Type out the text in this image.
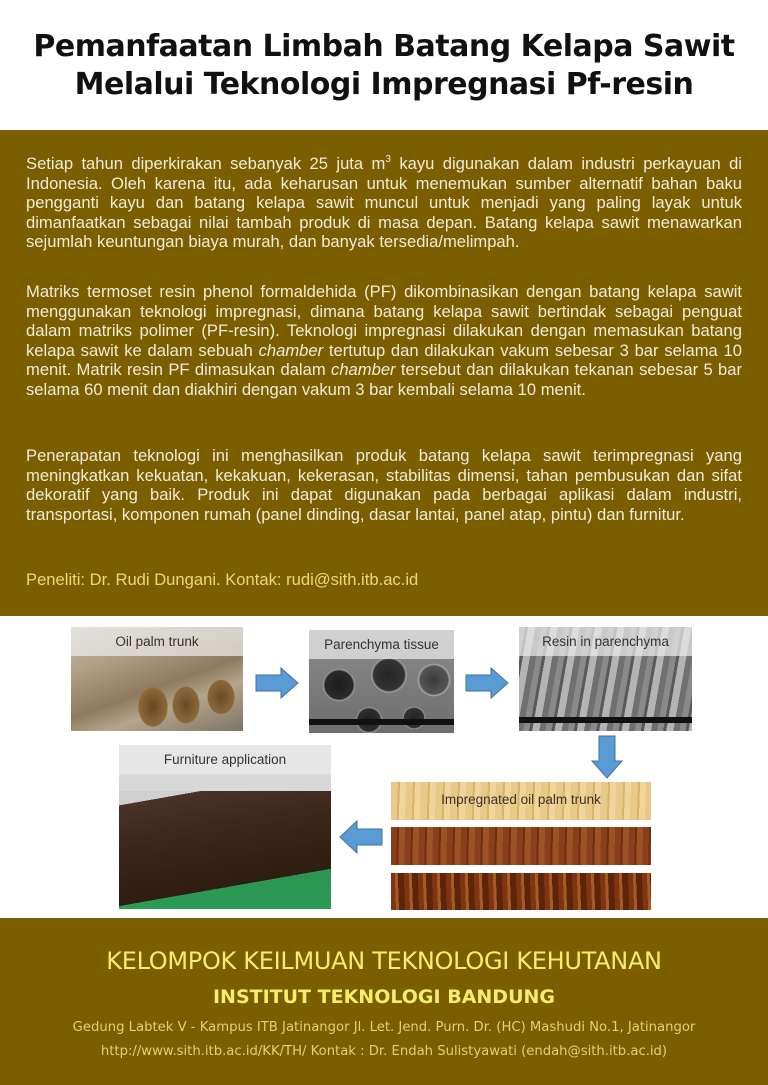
Pemanfaatan Limbah Batang Kelapa Sawit
Melalui Teknologi Impregnasi Pf-resin
Setiap tahun diperkirakan sebanyak 25 juta $m^3$ kayu digunakan dalam industri perkayuan di Indonesia. Oleh karena itu, ada keharusan untuk menemukan sumber alternatif bahan baku pengganti kayu dan batang kelapa sawit muncul untuk menjadi yang paling layak untuk dimanfaatkan sebagai nilai tambah produk di masa depan. Batang kelapa sawit menawarkan sejumlah keuntungan biaya murah, dan banyak tersedia/melimpah.
Matriks termoset resin phenol formaldehida (PF) dikombinasikan dengan batang kelapa sawit menggunakan teknologi impregnasi, dimana batang kelapa sawit bertindak sebagai penguat dalam matriks polimer (PF-resin). Teknologi impregnasi dilakukan dengan memasukan batang kelapa sawit ke dalam sebuah chamber tertutup dan dilakukan vakum sebesar 3 bar selama 10 menit. Matrik resin PF dimasukan dalam chamber tersebut dan dilakukan tekanan sebesar 5 bar selama 60 menit dan diakhiri dengan vakum 3 bar kembali selama 10 menit.
Penerapatan teknologi ini menghasilkan produk batang kelapa sawit terimpregnasi yang meningkatkan kekuatan, kekakuan, kekerasan, stabilitas dimensi, tahan pembusukan dan sifat dekoratif yang baik. Produk ini dapat digunakan pada berbagai aplikasi dalam industri, transportasi, komponen rumah (panel dinding, dasar lantai, panel atap, pintu) dan furnitur.
Peneliti: Dr. Rudi Dungani. Kontak: rudi@sith.itb.ac.id
Oil palm trunk	Parenchyma tissue	Resin in parenchyma
Impregnated oil palm trunk
Furniture application
KELOMPOK KEILMUAN TEKNOLOGI KEHUTANAN
INSTITUT TEKNOLOGI BANDUNG
Gedung Labtek V - Kampus ITB Jatinangor Jl. Let. Jend. Purn. Dr. (HC) Mashudi No.1, Jatinangor
http://www.sith.itb.ac.id/KK/TH/ Kontak : Dr. Endah Sulistyawati (endah@sith.itb.ac.id)
